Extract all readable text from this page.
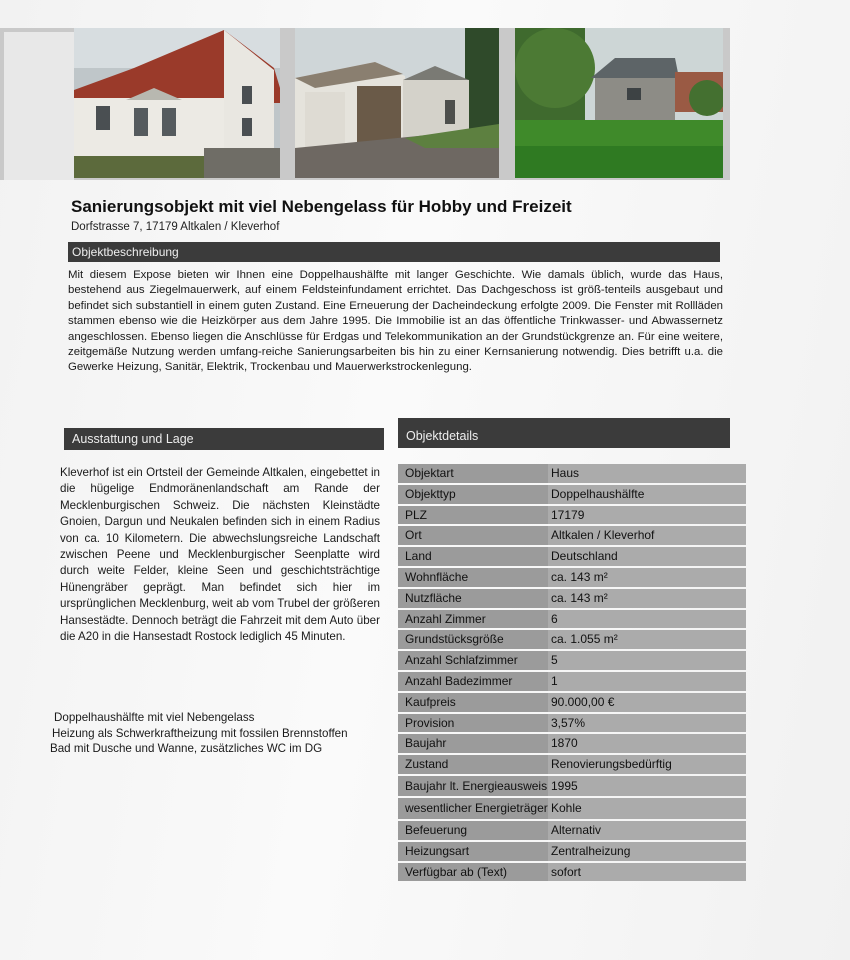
Sanierungsobjekt mit viel Nebengelass für Hobby und Freizeit
Dorfstrasse 7, 17179 Altkalen / Kleverhof
Objektbeschreibung
Mit diesem Expose bieten wir Ihnen eine Doppelhaushälfte mit langer Geschichte. Wie damals üblich, wurde das Haus, bestehend aus Ziegelmauerwerk, auf einem Feldsteinfundament errichtet. Das Dachgeschoss ist größ-tenteils ausgebaut und befindet sich substantiell in einem guten Zustand. Eine Erneuerung der Dacheindeckung erfolgte 2009. Die Fenster mit Rollläden stammen ebenso wie die Heizkörper aus dem Jahre 1995. Die Immobilie ist an das öffentliche Trinkwasser- und Abwassernetz angeschlossen. Ebenso liegen die Anschlüsse für Erdgas und Telekommunikation an der Grundstückgrenze an. Für eine weitere, zeitgemäße Nutzung werden umfang-reiche Sanierungsarbeiten bis hin zu einer Kernsanierung notwendig. Dies betrifft u.a. die Gewerke Heizung, Sanitär, Elektrik, Trockenbau und Mauerwerkstrockenlegung.
Ausstattung und Lage	Objektdetails
Kleverhof ist ein Ortsteil der Gemeinde Altkalen, eingebettet in die hügelige Endmoränenlandschaft am Rande der Mecklenburgischen Schweiz. Die nächsten Kleinstädte Gnoien, Dargun und Neukalen befinden sich in einem Radius von ca. 10 Kilometern. Die abwechslungsreiche Landschaft zwischen Peene und Mecklenburgischer Seenplatte wird durch weite Felder, kleine Seen und geschichtsträchtige Hünengräber geprägt. Man befindet sich hier im ursprünglichen Mecklenburg, weit ab vom Trubel der größeren Hansestädte. Dennoch beträgt die Fahrzeit mit dem Auto über die A20 in die Hansestadt Rostock lediglich 45 Minuten.
Doppelhaushälfte mit viel Nebengelass
Heizung als Schwerkraftheizung mit fossilen Brennstoffen
Bad mit Dusche und Wanne, zusätzliches WC im DG
Objektart	Haus
Objekttyp	Doppelhaushälfte
PLZ	17179
Ort	Altkalen / Kleverhof
Land	Deutschland
Wohnfläche	ca. 143 m²
Nutzfläche	ca. 143 m²
Anzahl Zimmer	6
Grundstücksgröße	ca. 1.055 m²
Anzahl Schlafzimmer	5
Anzahl Badezimmer	1
Kaufpreis	90.000,00 €
Provision	3,57%
Baujahr	1870
Zustand	Renovierungsbedürftig
Baujahr lt. Energieausweis 1995
wesentlicher Energieträger Kohle
Befeuerung	Alternativ
Heizungsart	Zentralheizung
Verfügbar ab (Text)	sofort
